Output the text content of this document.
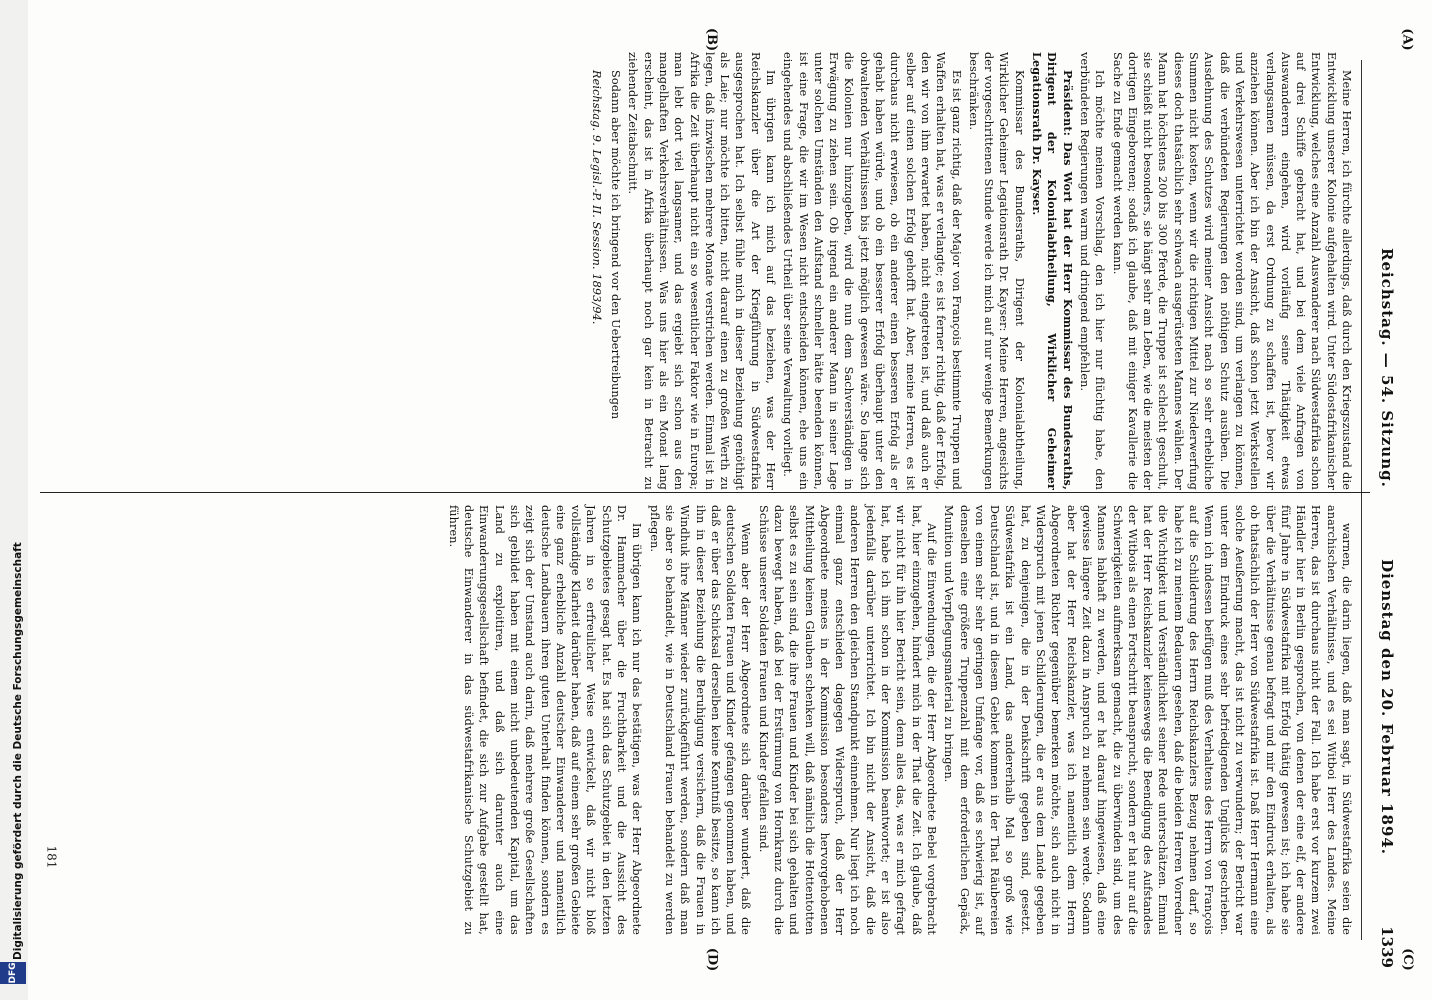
Digitalisierung gefördert durch die Deutsche Forschungsgemeinschaft
DFG
Reichstag. — 54. Sitzung.
Dienstag den 20. Februar 1894.
1339

Meine Herren, ich fürchte allerdings, daß durch den Kriegszustand die Entwicklung unserer Kolonie aufgehalten wird. Unter Südostafrikanischer Entwicklung, welches eine Anzahl Auswanderer nach Südwestafrika schon auf drei Schiffe gebracht hat, und bei dem viele Anfragen von Auswanderern eingehen, wird vorläufig seine Thätigkeit etwas verlangsamen müssen, da erst Ordnung zu schaffen ist, bevor wir anziehen können. Aber ich bin der Ansicht, daß schon jetzt Werkstellen und Verkehrswesen unterrichtet worden sind, um verlangen zu können, daß die verbündeten Regierungen den nöthigen Schutz ausüben. Die Ausdehnung des Schutzes wird meiner Ansicht nach so sehr erhebliche Summen nicht kosten, wenn wir die richtigen Mittel zur Niederwerfung dieses doch thatsächlich sehr schwach ausgerüsteten Mannes wählen. Der Mann hat höchstens 200 bis 300 Pferde, die Truppe ist schlecht geschult, sie schießt nicht besonders, sie hängt sehr am Leben, wie die meisten der dortigen Eingeborenen; sodaß ich glaube, daß mit einiger Kavallerie die Sache zu Ende gemacht werden kann.

Ich möchte meinen Vorschlag, den ich hier nur flüchtig habe, den verbündeten Regierungen warm und dringend empfehlen.

Präsident: Das Wort hat der Herr Kommissar des Bundesraths, Dirigent der Kolonialabtheilung, Wirklicher Geheimer Legationsrath Dr. Kayser.

Kommissar des Bundesraths, Dirigent der Kolonialabtheilung, Wirklicher Geheimer Legationsrath Dr. Kayser: Meine Herren, angesichts der vorgeschrittenen Stunde werde ich mich auf nur wenige Bemerkungen beschränken.

Es ist ganz richtig, daß der Major von François bestimmte Truppen und Waffen erhalten hat, was er verlangte; es ist ferner richtig, daß der Erfolg, den wir von ihm erwartet haben, nicht eingetreten ist, und daß auch er selber auf einen solchen Erfolg gehofft hat. Aber, meine Herren, es ist durchaus nicht erwiesen, ob ein anderer einen besseren Erfolg als er gehabt haben würde, und ob ein besserer Erfolg überhaupt unter den obwaltenden Verhältnissen bis jetzt möglich gewesen wäre. So lange sich die Kolonien nur hinzugeben, wird die nun dem Sachverständigen in Erwägung zu ziehen sein. Ob irgend ein anderer Mann in seiner Lage unter solchen Umständen den Aufstand schneller hätte beenden können, ist eine Frage, die wir im Wesen nicht entscheiden können, ehe uns ein eingehendes und abschließendes Urtheil über seine Verwaltung vorliegt.

Im übrigen kann ich mich auf das beziehen, was der Herr Reichskanzler über die Art der Kriegführung in Südwestafrika ausgesprochen hat. Ich selbst fühle mich in dieser Beziehung genöthigt als Laie; nur möchte ich bitten, nicht darauf einen zu großen Werth zu legen, daß inzwischen mehrere Monate verstrichen werden. Einmal ist in Afrika die Zeit überhaupt nicht ein so wesentlicher Faktor wie in Europa; man lebt dort viel langsamer, und das ergiebt sich schon aus den mangelhaften Verkehrsverhältnissen. Was uns hier als ein Monat lang erscheint, das ist in Afrika überhaupt noch gar kein in Betracht zu ziehender Zeitabschnitt.

Sodann aber möchte ich bringend vor den Uebertreibungen

Reichstag. 9. Legisl.-P. II. Session. 1893/94.

warnen, die darin liegen, daß man sagt, in Südwestafrika seien die anarchischen Verhältnisse, und es sei Witboi Herr des Landes. Meine Herren, das ist durchaus nicht der Fall. Ich habe erst vor kurzem zwei Händler hier in Berlin gesprochen, von denen der eine elf, der andere fünf Jahre in Südwestafrika mit Erfolg thätig gewesen ist; ich habe sie über die Verhältnisse genau befragt und mir den Eindruck erhalten, als ob thatsächlich der Herr von Südwestafrika ist. Daß Herr Hermann eine solche Aeußerung macht, das ist nicht zu verwundern; der Bericht war unter dem Eindruck eines sehr befriedigenden Unglücks geschrieben. Wenn ich indessen beifügen muß des Verhaltens des Herrn von François auf die Schilderung des Herrn Reichskanzlers Bezug nehmen darf, so habe ich zu meinem Bedauern gesehen, daß die beiden Herren Vorredner die Wichtigkeit und Verständlichkeit seiner Rede unterschätzen. Einmal hat der Herr Reichskanzler keineswegs die Beendigung des Aufstandes der Witbois als einen Fortschritt beansprucht, sondern er hat nur auf die Schwierigkeiten aufmerksam gemacht, die zu überwinden sind, um des Mannes habhaft zu werden, und er hat darauf hingewiesen, daß eine gewisse längere Zeit dazu in Anspruch zu nehmen sein werde. Sodann aber hat der Herr Reichskanzler, was ich namentlich dem Herrn Abgeordneten Richter gegenüber bemerken möchte, sich auch nicht in Widerspruch mit jenen Schilderungen, die er aus dem Lande gegeben hat, zu denjenigen, die in der Denkschrift gegeben sind, gesetzt. Südwestafrika ist ein Land, das andererhalb Mal so groß wie Deutschland ist, und in diesem Gebiet kommen in der That Räubereien von einem sehr sehr geringen Umfange vor, daß es schwierig ist, auf denselben eine größere Truppenzahl mit dem erforderlichen Gepäck, Munition und Verpflegungsmaterial zu bringen.

Auf die Einwendungen, die der Herr Abgeordnete Bebel vorgebracht hat, hier einzugehen, hindert mich in der That die Zeit. Ich glaube, daß wir nicht für ihn hier Bericht sein, denn alles das, was er mich gefragt hat, habe ich ihm schon in der Kommission beantwortet; er ist also jedenfalls darüber unterrichtet. Ich bin nicht der Ansicht, daß die anderen Herren den gleichen Standpunkt einnehmen. Nur liegt ich noch einmal ganz entschieden dagegen Widerspruch, daß der Herr Abgeordnete meines in der Kommission besonders hervorgehobenen Mittheilung keinen Glauben schenken will, daß nämlich die Hottentotten selbst es zu sein sind, die ihre Frauen und Kinder bei sich gehalten und dazu bewegt haben, daß bei der Erstürmung von Hornkranz durch die Schüsse unserer Soldaten Frauen und Kinder gefallen sind.

Wenn aber der Herr Abgeordnete sich darüber wundert, daß die deutschen Soldaten Frauen und Kinder gefangen genommen haben, und daß er über das Schicksal derselben keine Kenntniß besitze, so kann ich ihn in dieser Beziehung die Beruhigung versichern, daß die Frauen in Windhuk ihre Männer wieder zurückgeführt werden, sondern daß man sie aber so behandelt, wie in Deutschland Frauen behandelt zu werden pflegen.

Im übrigen kann ich nur das bestätigen, was der Herr Abgeordnete Dr. Hammacher über die Fruchtbarkeit und die Aussicht des Schutzgebietes gesagt hat. Es hat sich das Schutzgebiet in den letzten Jahren in so erfreulicher Weise entwickelt, daß wir nicht bloß vollständige Klarheit darüber haben, daß auf einem sehr großen Gebiete eine ganz erhebliche Anzahl deutscher Einwanderer und namentlich deutsche Landbauern ihren guten Unterhalt finden können, sondern es zeigt sich der Umstand auch darin, daß mehrere große Gesellschaften sich gebildet haben mit einem nicht unbedeutenden Kapital, um das Land zu exploitiren, und daß sich darunter auch eine Einwanderungsgesellschaft befindet, die sich zur Aufgabe gestellt hat, deutsche Einwanderer in das südwestafrikanische Schutzgebiet zu führen.

(A)
(B)
(C)
(D)
181
